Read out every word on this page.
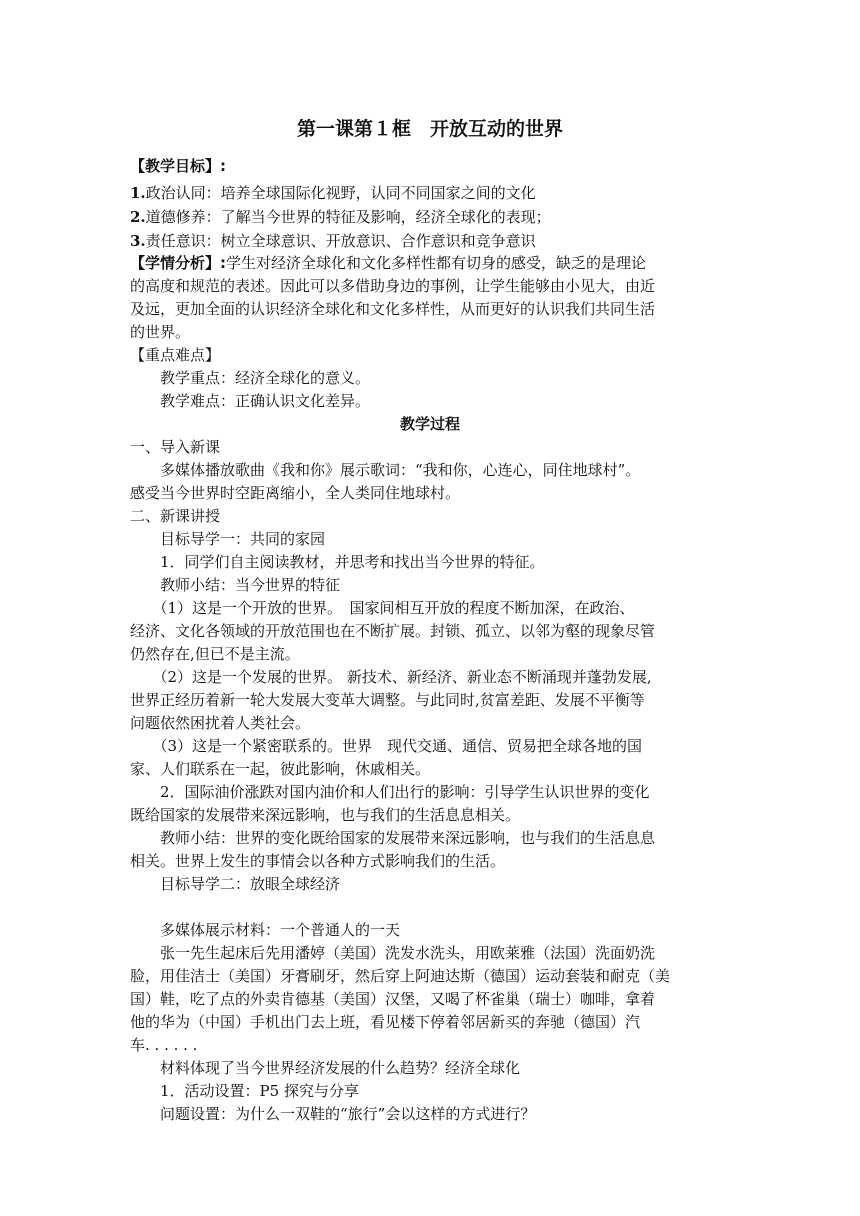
第一课第１框　开放互动的世界
【教学目标】:
1.政治认同：培养全球国际化视野，认同不同国家之间的文化
2.道德修养：了解当今世界的特征及影响，经济全球化的表现；
3.责任意识：树立全球意识、开放意识、合作意识和竞争意识
【学情分析】:学生对经济全球化和文化多样性都有切身的感受，缺乏的是理论
的高度和规范的表述。因此可以多借助身边的事例，让学生能够由小见大，由近
及远，更加全面的认识经济全球化和文化多样性，从而更好的认识我们共同生活
的世界。
【重点难点】
　　教学重点：经济全球化的意义。
　　教学难点：正确认识文化差异。
教学过程
一、导入新课
　　多媒体播放歌曲《我和你》展示歌词：“我和你，心连心，同住地球村”。
感受当今世界时空距离缩小，全人类同住地球村。
二、新课讲授
　　目标导学一：共同的家园
　　1．同学们自主阅读教材，并思考和找出当今世界的特征。
　　教师小结：当今世界的特征
　　（1）这是一个开放的世界。　国家间相互开放的程度不断加深，在政治、
经济、文化各领域的开放范围也在不断扩展。封锁、孤立、以邻为壑的现象尽管
仍然存在,但已不是主流。
　　（2）这是一个发展的世界。 新技术、新经济、新业态不断涌现并蓬勃发展,
世界正经历着新一轮大发展大变革大调整。与此同时,贫富差距、发展不平衡等
问题依然困扰着人类社会。
　　（3）这是一个紧密联系的。世界　现代交通、通信、贸易把全球各地的国
家、人们联系在一起，彼此影响，休戚相关。
　　2．国际油价涨跌对国内油价和人们出行的影响：引导学生认识世界的变化
既给国家的发展带来深远影响，也与我们的生活息息相关。
　　教师小结：世界的变化既给国家的发展带来深远影响，也与我们的生活息息
相关。世界上发生的事情会以各种方式影响我们的生活。
　　目标导学二：放眼全球经济
　　多媒体展示材料：一个普通人的一天
　　张一先生起床后先用潘婷（美国）洗发水洗头，用欧莱雅（法国）洗面奶洗
脸，用佳洁士（美国）牙膏刷牙，然后穿上阿迪达斯（德国）运动套装和耐克（美
国）鞋，吃了点的外卖肯德基（美国）汉堡，又喝了杯雀巢（瑞士）咖啡，拿着
他的华为（中国）手机出门去上班，看见楼下停着邻居新买的奔驰（德国）汽
车. . . . . .
　　材料体现了当今世界经济发展的什么趋势？经济全球化
　　1．活动设置：P5 探究与分享
　　问题设置：为什么一双鞋的“旅行”会以这样的方式进行？
